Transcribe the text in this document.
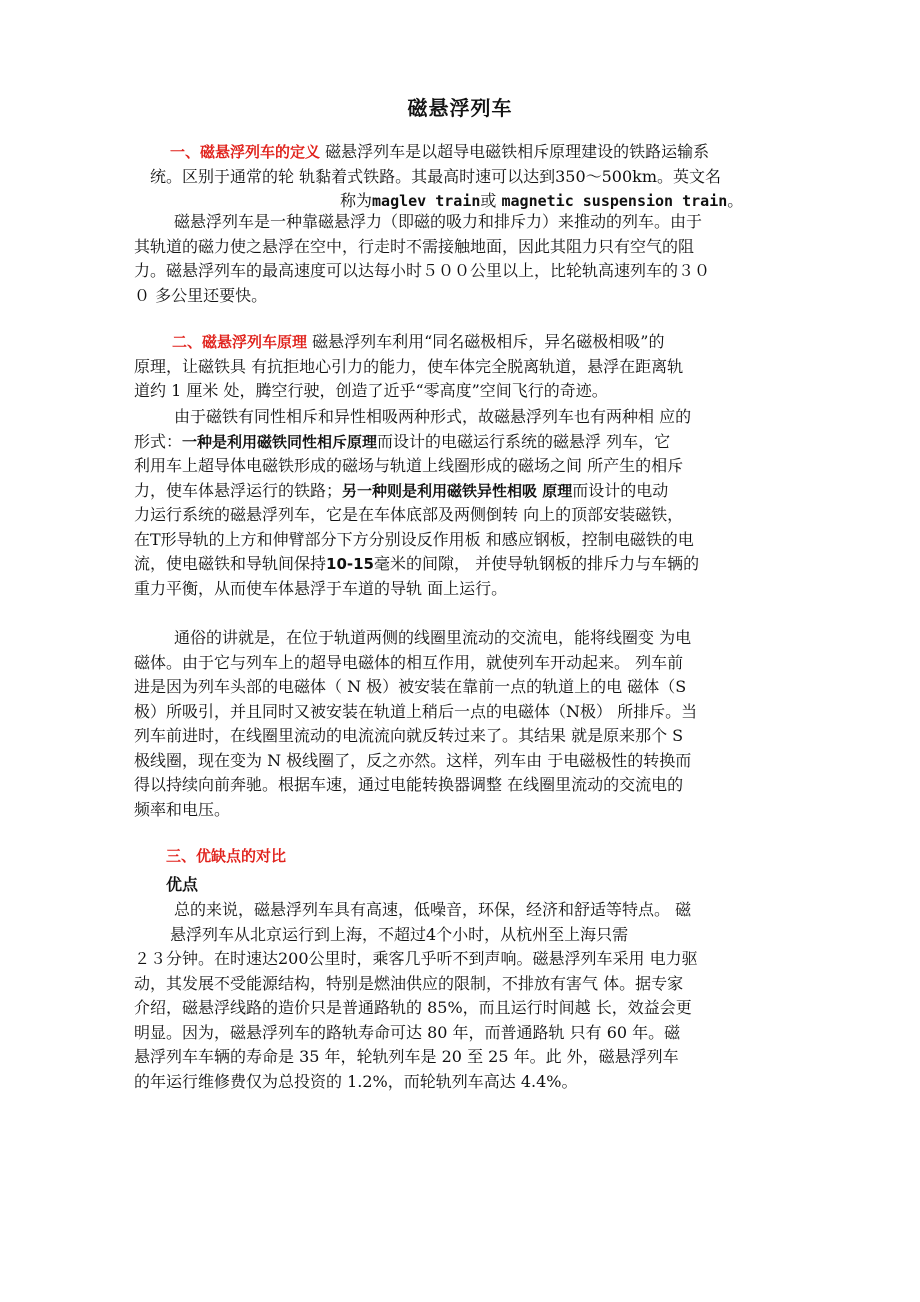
磁悬浮列车
一、磁悬浮列车的定义 磁悬浮列车是以超导电磁铁相斥原理建设的铁路运输系
统。区别于通常的轮 轨黏着式铁路。其最高时速可以达到350～500km。英文名
称为maglev train或 magnetic suspension train。
磁悬浮列车是一种靠磁悬浮力（即磁的吸力和排斥力）来推动的列车。由于
其轨道的磁力使之悬浮在空中，行走时不需接触地面，因此其阻力只有空气的阻
力。磁悬浮列车的最高速度可以达每小时５００公里以上，比轮轨高速列车的３０
０ 多公里还要快。
二、磁悬浮列车原理 磁悬浮列车利用“同名磁极相斥，异名磁极相吸”的
原理，让磁铁具 有抗拒地心引力的能力，使车体完全脱离轨道，悬浮在距离轨
道约 1 厘米 处，腾空行驶，创造了近乎“零高度”空间飞行的奇迹。
由于磁铁有同性相斥和异性相吸两种形式，故磁悬浮列车也有两种相 应的
形式：一种是利用磁铁同性相斥原理而设计的电磁运行系统的磁悬浮 列车，它
利用车上超导体电磁铁形成的磁场与轨道上线圈形成的磁场之间 所产生的相斥
力，使车体悬浮运行的铁路；另一种则是利用磁铁异性相吸 原理而设计的电动
力运行系统的磁悬浮列车，它是在车体底部及两侧倒转 向上的顶部安装磁铁，
在T形导轨的上方和伸臂部分下方分别设反作用板 和感应钢板，控制电磁铁的电
流，使电磁铁和导轨间保持10-15毫米的间隙， 并使导轨钢板的排斥力与车辆的
重力平衡，从而使车体悬浮于车道的导轨 面上运行。
通俗的讲就是，在位于轨道两侧的线圈里流动的交流电，能将线圈变 为电
磁体。由于它与列车上的超导电磁体的相互作用，就使列车开动起来。 列车前
进是因为列车头部的电磁体（ N 极）被安装在靠前一点的轨道上的电 磁体（S
极）所吸引，并且同时又被安装在轨道上稍后一点的电磁体（N极） 所排斥。当
列车前进时，在线圈里流动的电流流向就反转过来了。其结果 就是原来那个 S
极线圈，现在变为 N 极线圈了，反之亦然。这样，列车由 于电磁极性的转换而
得以持续向前奔驰。根据车速，通过电能转换器调整 在线圈里流动的交流电的
频率和电压。
三、优缺点的对比
优点
总的来说，磁悬浮列车具有高速，低噪音，环保，经济和舒适等特点。 磁
悬浮列车从北京运行到上海，不超过4个小时，从杭州至上海只需
２３分钟。在时速达200公里时，乘客几乎听不到声响。磁悬浮列车采用 电力驱
动，其发展不受能源结构，特别是燃油供应的限制，不排放有害气 体。据专家
介绍，磁悬浮线路的造价只是普通路轨的 85%，而且运行时间越 长，效益会更
明显。因为，磁悬浮列车的路轨寿命可达 80 年，而普通路轨 只有 60 年。磁
悬浮列车车辆的寿命是 35 年，轮轨列车是 20 至 25 年。此 外，磁悬浮列车
的年运行维修费仅为总投资的 1.2%，而轮轨列车高达 4.4%。
